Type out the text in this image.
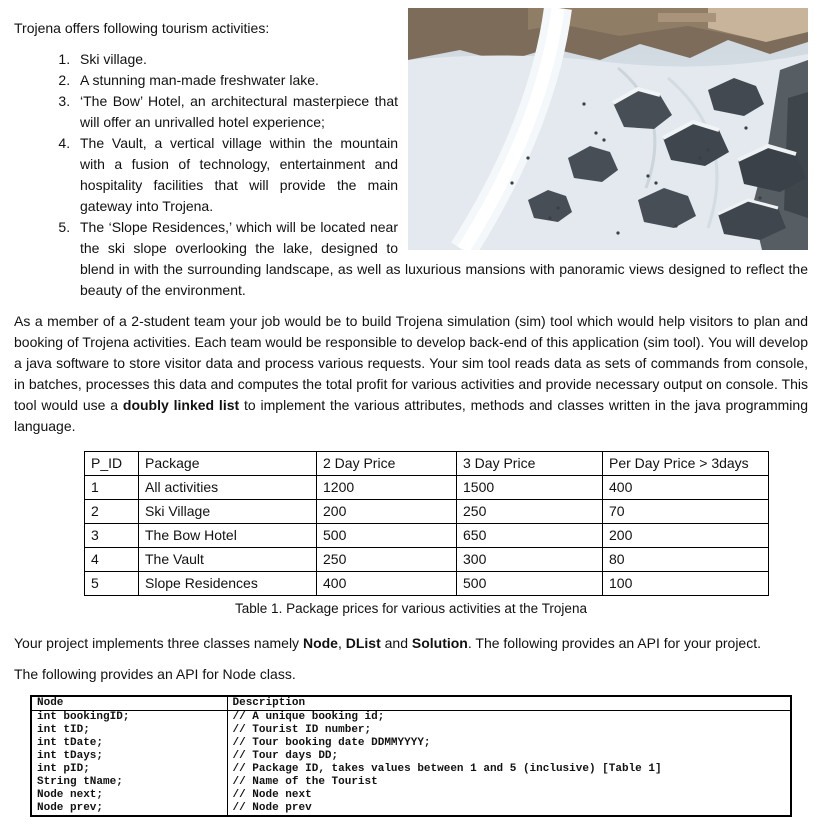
Trojena offers following tourism activities:

1. Ski village.
2. A stunning man-made freshwater lake.
3. ‘The Bow’ Hotel, an architectural masterpiece that will offer an unrivalled hotel experience;
4. The Vault, a vertical village within the mountain with a fusion of technology, entertainment and hospitality facilities that will provide the main gateway into Trojena.
5. The ‘Slope Residences,’ which will be located near the ski slope overlooking the lake, designed to blend in with the surrounding landscape, as well as luxurious mansions with panoramic views designed to reflect the beauty of the environment.

As a member of a 2-student team your job would be to build Trojena simulation (sim) tool which would help visitors to plan and booking of Trojena activities. Each team would be responsible to develop back-end of this application (sim tool). You will develop a java software to store visitor data and process various requests. Your sim tool reads data as sets of commands from console, in batches, processes this data and computes the total profit for various activities and provide necessary output on console. This tool would use a doubly linked list to implement the various attributes, methods and classes written in the java programming language.

P_ID	Package	2 Day Price	3 Day Price	Per Day Price > 3days
1	All activities	1200	1500	400
2	Ski Village	200	250	70
3	The Bow Hotel	500	650	200
4	The Vault	250	300	80
5	Slope Residences	400	500	100
Table 1. Package prices for various activities at the Trojena

Your project implements three classes namely Node, DList and Solution. The following provides an API for your project.

The following provides an API for Node class.

Node	Description
int bookingID;	// A unique booking id;
int tID;	// Tourist ID number;
int tDate;	// Tour booking date DDMMYYYY;
int tDays;	// Tour days DD;
int pID;	// Package ID, takes values between 1 and 5 (inclusive) [Table 1]
String tName;	// Name of the Tourist
Node next;	// Node next
Node prev;	// Node prev
